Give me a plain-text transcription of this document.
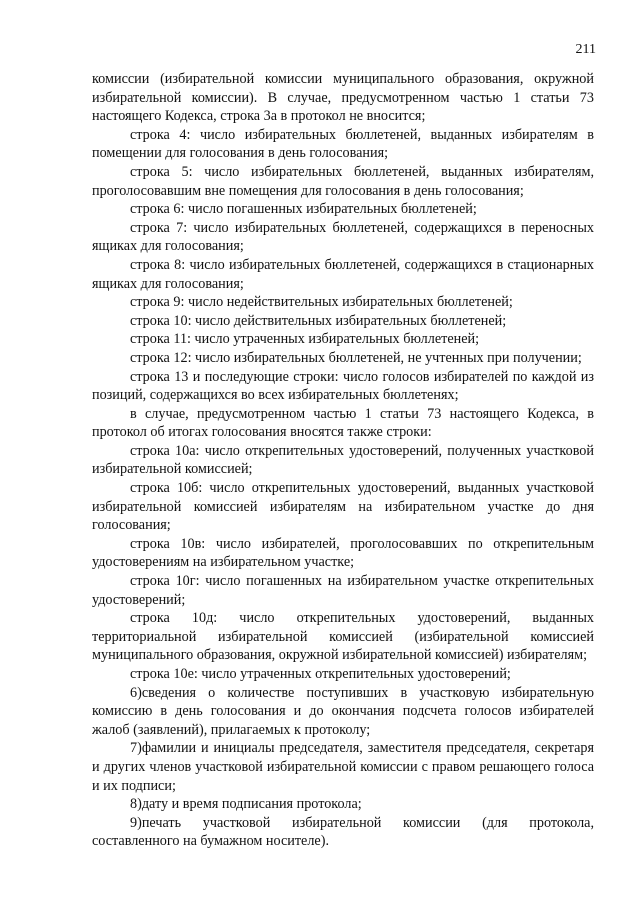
211

комиссии (избирательной комиссии муниципального образования, окружной избирательной комиссии). В случае, предусмотренном частью 1 статьи 73 настоящего Кодекса, строка 3а в протокол не вносится;

строка 4: число избирательных бюллетеней, выданных избирателям в помещении для голосования в день голосования;

строка 5: число избирательных бюллетеней, выданных избирателям, проголосовавшим вне помещения для голосования в день голосования;

строка 6: число погашенных избирательных бюллетеней;

строка 7: число избирательных бюллетеней, содержащихся в переносных ящиках для голосования;

строка 8: число избирательных бюллетеней, содержащихся в стационарных ящиках для голосования;

строка 9: число недействительных избирательных бюллетеней;

строка 10: число действительных избирательных бюллетеней;

строка 11: число утраченных избирательных бюллетеней;

строка 12: число избирательных бюллетеней, не учтенных при получении;

строка 13 и последующие строки: число голосов избирателей по каждой из позиций, содержащихся во всех избирательных бюллетенях;

в случае, предусмотренном частью 1 статьи 73 настоящего Кодекса, в протокол об итогах голосования вносятся также строки:

строка 10а: число открепительных удостоверений, полученных участковой избирательной комиссией;

строка 10б: число открепительных удостоверений, выданных участковой избирательной комиссией избирателям на избирательном участке до дня голосования;

строка 10в: число избирателей, проголосовавших по открепительным удостоверениям на избирательном участке;

строка 10г: число погашенных на избирательном участке открепительных удостоверений;

строка 10д: число открепительных удостоверений, выданных территориальной избирательной комиссией (избирательной комиссией муниципального образования, окружной избирательной комиссией) избирателям;

строка 10е: число утраченных открепительных удостоверений;

6)сведения о количестве поступивших в участковую избирательную комиссию в день голосования и до окончания подсчета голосов избирателей жалоб (заявлений), прилагаемых к протоколу;

7)фамилии и инициалы председателя, заместителя председателя, секретаря и других членов участковой избирательной комиссии с правом решающего голоса и их подписи;

8)дату и время подписания протокола;

9)печать участковой избирательной комиссии (для протокола, составленного на бумажном носителе).
